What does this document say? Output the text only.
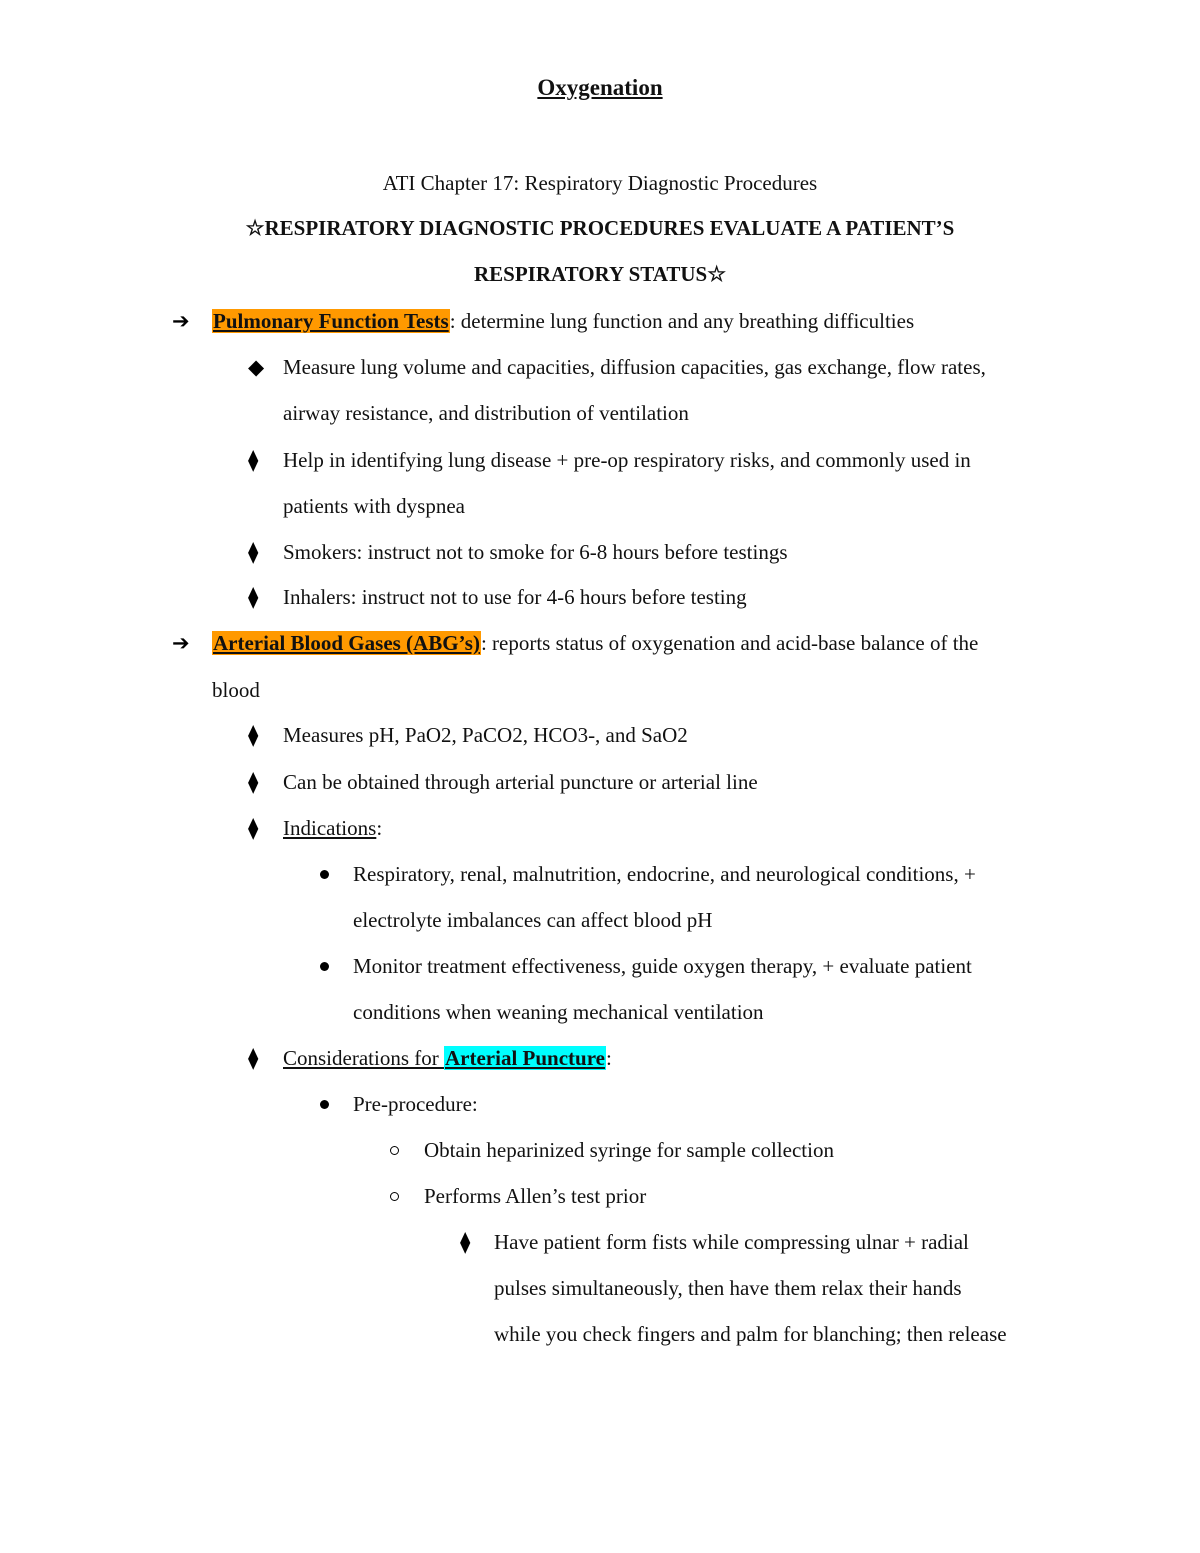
Oxygenation
ATI Chapter 17: Respiratory Diagnostic Procedures
☆RESPIRATORY DIAGNOSTIC PROCEDURES EVALUATE A PATIENT’S
RESPIRATORY STATUS☆
➔ Pulmonary Function Tests: determine lung function and any breathing difficulties
◆ Measure lung volume and capacities, diffusion capacities, gas exchange, flow rates,
airway resistance, and distribution of ventilation
⧫ Help in identifying lung disease + pre-op respiratory risks, and commonly used in
patients with dyspnea
⧫ Smokers: instruct not to smoke for 6-8 hours before testings
⧫ Inhalers: instruct not to use for 4-6 hours before testing
➔ Arterial Blood Gases (ABG’s): reports status of oxygenation and acid-base balance of the
blood
⧫ Measures pH, PaO2, PaCO2, HCO3-, and SaO2
⧫ Can be obtained through arterial puncture or arterial line
⧫ Indications:
Respiratory, renal, malnutrition, endocrine, and neurological conditions, +
electrolyte imbalances can affect blood pH
Monitor treatment effectiveness, guide oxygen therapy, + evaluate patient
conditions when weaning mechanical ventilation
⧫ Considerations for Arterial Puncture:
Pre-procedure:
Obtain heparinized syringe for sample collection
Performs Allen’s test prior
⧫ Have patient form fists while compressing ulnar + radial
pulses simultaneously, then have them relax their hands
while you check fingers and palm for blanching; then release
